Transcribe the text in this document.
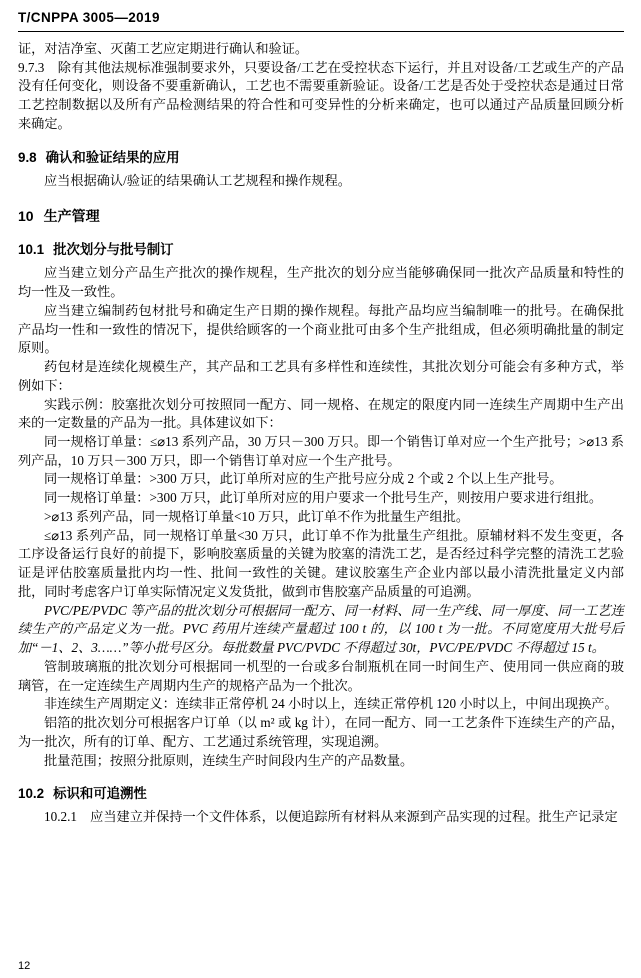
T/CNPPA 3005—2019

证，对洁净室、灭菌工艺应定期进行确认和验证。

9.7.3　除有其他法规标准强制要求外，只要设备/工艺在受控状态下运行，并且对设备/工艺或生产的产品没有任何变化，则设备不要重新确认，工艺也不需要重新验证。设备/工艺是否处于受控状态是通过日常工艺控制数据以及所有产品检测结果的符合性和可变异性的分析来确定，也可以通过产品质量回顾分析来确定。

9.8 确认和验证结果的应用

应当根据确认/验证的结果确认工艺规程和操作规程。

10 生产管理
10.1 批次划分与批号制订

应当建立划分产品生产批次的操作规程，生产批次的划分应当能够确保同一批次产品质量和特性的均一性及一致性。

应当建立编制药包材批号和确定生产日期的操作规程。每批产品均应当编制唯一的批号。在确保批产品均一性和一致性的情况下，提供给顾客的一个商业批可由多个生产批组成，但必须明确批量的制定原则。

药包材是连续化规模生产，其产品和工艺具有多样性和连续性，其批次划分可能会有多种方式，举例如下：

实践示例：胶塞批次划分可按照同一配方、同一规格、在规定的限度内同一连续生产周期中生产出来的一定数量的产品为一批。具体建议如下：

同一规格订单量：≤⌀13 系列产品，30 万只－300 万只。即一个销售订单对应一个生产批号；>⌀13 系列产品，10 万只－300 万只，即一个销售订单对应一个生产批号。

同一规格订单量：>300 万只，此订单所对应的生产批号应分成 2 个或 2 个以上生产批号。

同一规格订单量：>300 万只，此订单所对应的用户要求一个批号生产，则按用户要求进行组批。

>⌀13 系列产品，同一规格订单量<10 万只，此订单不作为批量生产组批。

≤⌀13 系列产品，同一规格订单量<30 万只，此订单不作为批量生产组批。原辅材料不发生变更，各工序设备运行良好的前提下，影响胶塞质量的关键为胶塞的清洗工艺，是否经过科学完整的清洗工艺验证是评估胶塞质量批内均一性、批间一致性的关键。建议胶塞生产企业内部以最小清洗批量定义内部批，同时考虑客户订单实际情况定义发货批，做到市售胶塞产品质量的可追溯。

PVC/PE/PVDC 等产品的批次划分可根据同一配方、同一材料、同一生产线、同一厚度、同一工艺连续生产的产品定义为一批。PVC 药用片连续产量超过 100 t 的，以 100 t 为一批。不同宽度用大批号后加“－1、2、3……”等小批号区分。每批数量 PVC/PVDC 不得超过 30t，PVC/PE/PVDC 不得超过 15 t。

管制玻璃瓶的批次划分可根据同一机型的一台或多台制瓶机在同一时间生产、使用同一供应商的玻璃管，在一定连续生产周期内生产的规格产品为一个批次。

非连续生产周期定义：连续非正常停机 24 小时以上，连续正常停机 120 小时以上，中间出现换产。

铝箔的批次划分可根据客户订单（以 m² 或 kg 计），在同一配方、同一工艺条件下连续生产的产品，为一批次，所有的订单、配方、工艺通过系统管理，实现追溯。

批量范围；按照分批原则，连续生产时间段内生产的产品数量。

10.2 标识和可追溯性

10.2.1　应当建立并保持一个文件体系，以便追踪所有材料从来源到产品实现的过程。批生产记录定

12
